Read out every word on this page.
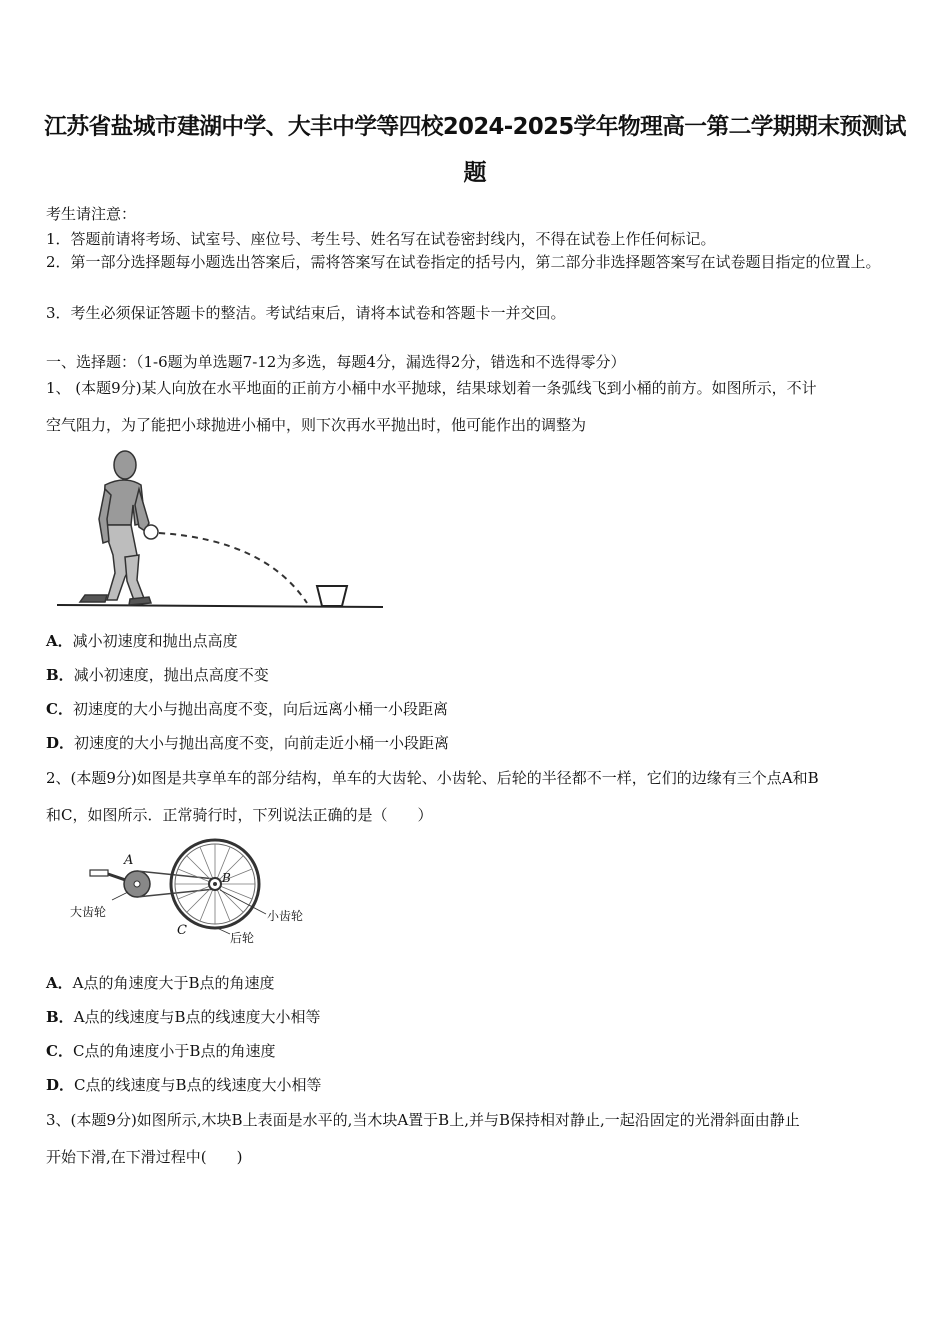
江苏省盐城市建湖中学、大丰中学等四校2024-2025学年物理高一第二学期期末预测试
题
考生请注意：
1．答题前请将考场、试室号、座位号、考生号、姓名写在试卷密封线内，不得在试卷上作任何标记。
2．第一部分选择题每小题选出答案后，需将答案写在试卷指定的括号内，第二部分非选择题答案写在试卷题目指定的位置上。
3．考生必须保证答题卡的整洁。考试结束后，请将本试卷和答题卡一并交回。
一、选择题：（1-6题为单选题7-12为多选，每题4分，漏选得2分，错选和不选得零分）
1、 (本题9分)某人向放在水平地面的正前方小桶中水平抛球，结果球划着一条弧线飞到小桶的前方。如图所示，不计
空气阻力，为了能把小球抛进小桶中，则下次再水平抛出时，他可能作出的调整为
A．减小初速度和抛出点高度
B．减小初速度，抛出点高度不变
C．初速度的大小与抛出高度不变，向后远离小桶一小段距离
D．初速度的大小与抛出高度不变，向前走近小桶一小段距离
2、(本题9分)如图是共享单车的部分结构，单车的大齿轮、小齿轮、后轮的半径都不一样，它们的边缘有三个点A和B
和C，如图所示．正常骑行时，下列说法正确的是（　　）
A
B
C
大齿轮	小齿轮
后轮
A．A点的角速度大于B点的角速度
B．A点的线速度与B点的线速度大小相等
C．C点的角速度小于B点的角速度
D．C点的线速度与B点的线速度大小相等
3、(本题9分)如图所示,木块B上表面是水平的,当木块A置于B上,并与B保持相对静止,一起沿固定的光滑斜面由静止
开始下滑,在下滑过程中(　　)
